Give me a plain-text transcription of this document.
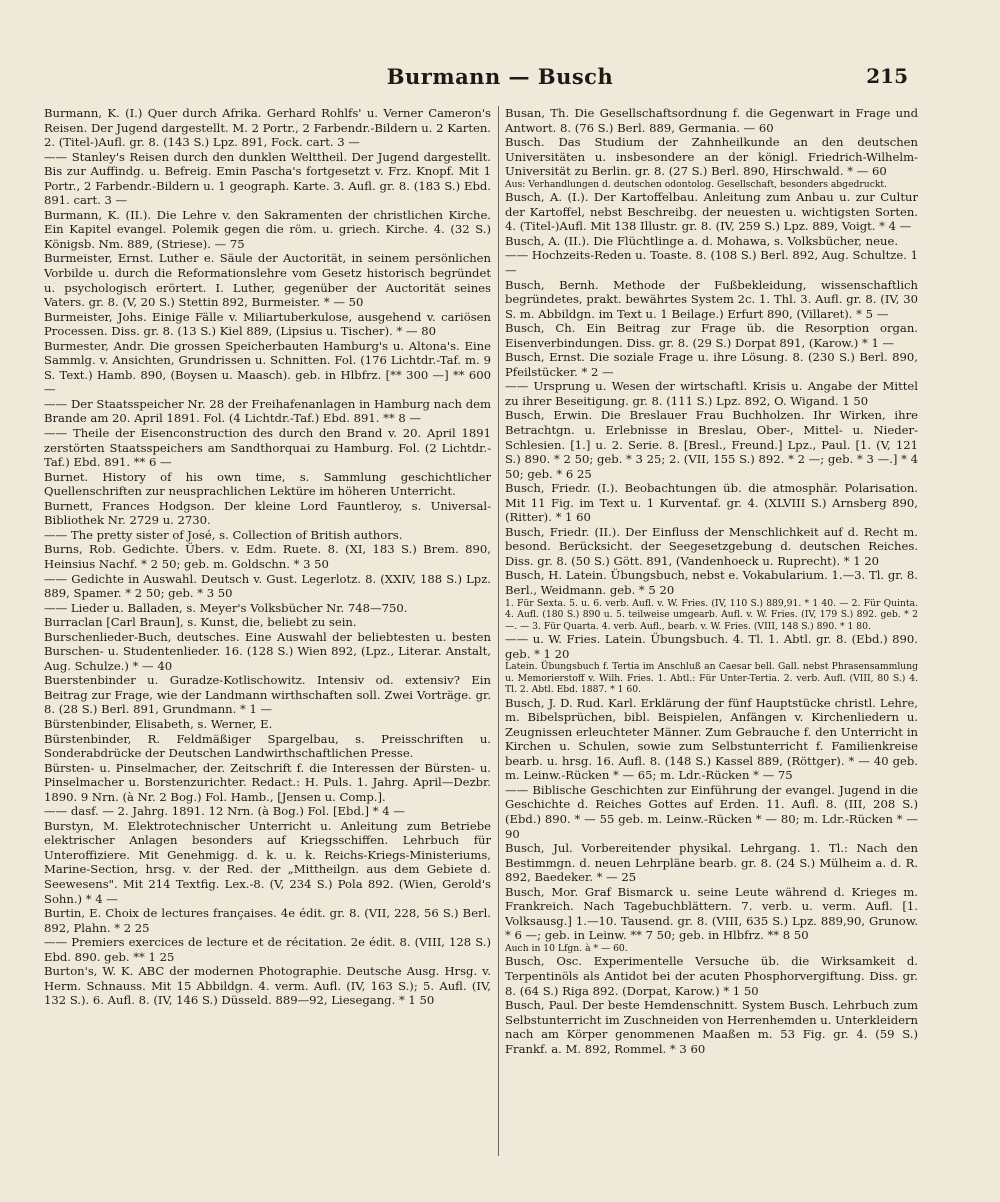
Burmann — Busch	215
Burmann, K. (I.) Quer durch Afrika. Gerhard Rohlfs' u. Verner Cameron's Reisen. Der Jugend dargestellt. M. 2 Portr., 2 Farbendr.-Bildern u. 2 Karten. 2. (Titel-)Aufl. gr. 8. (143 S.) Lpz. 891, Fock. cart. 3 —
—— Stanley's Reisen durch den dunklen Welttheil. Der Jugend dargestellt. Bis zur Auffindg. u. Befreig. Emin Pascha's fortgesetzt v. Frz. Knopf. Mit 1 Portr., 2 Farbendr.-Bildern u. 1 geograph. Karte. 3. Aufl. gr. 8. (183 S.) Ebd. 891. cart. 3 —
Burmann, K. (II.). Die Lehre v. den Sakramenten der christlichen Kirche. Ein Kapitel evangel. Polemik gegen die röm. u. griech. Kirche. 4. (32 S.) Königsb. Nm. 889, (Striese). — 75
Burmeister, Ernst. Luther e. Säule der Auctorität, in seinem persönlichen Vorbilde u. durch die Reformationslehre vom Gesetz historisch begründet u. psychologisch erörtert. I. Luther, gegenüber der Auctorität seines Vaters. gr. 8. (V, 20 S.) Stettin 892, Burmeister. * — 50
Burmeister, Johs. Einige Fälle v. Miliartuberkulose, ausgehend v. cariösen Processen. Diss. gr. 8. (13 S.) Kiel 889, (Lipsius u. Tischer). * — 80
Burmester, Andr. Die grossen Speicherbauten Hamburg's u. Altona's. Eine Sammlg. v. Ansichten, Grundrissen u. Schnitten. Fol. (176 Lichtdr.-Taf. m. 9 S. Text.) Hamb. 890, (Boysen u. Maasch). geb. in Hlbfrz. [** 300 —] ** 600 —
—— Der Staatsspeicher Nr. 28 der Freihafenanlagen in Hamburg nach dem Brande am 20. April 1891. Fol. (4 Lichtdr.-Taf.) Ebd. 891. ** 8 —
—— Theile der Eisenconstruction des durch den Brand v. 20. April 1891 zerstörten Staatsspeichers am Sandthorquai zu Hamburg. Fol. (2 Lichtdr.-Taf.) Ebd. 891. ** 6 —
Burnet. History of his own time, s. Sammlung geschichtlicher Quellenschriften zur neusprachlichen Lektüre im höheren Unterricht.
Burnett, Frances Hodgson. Der kleine Lord Fauntleroy, s. Universal-Bibliothek Nr. 2729 u. 2730.
—— The pretty sister of José, s. Collection of British authors.
Burns, Rob. Gedichte. Übers. v. Edm. Ruete. 8. (XI, 183 S.) Brem. 890, Heinsius Nachf. * 2 50; geb. m. Goldschn. * 3 50
—— Gedichte in Auswahl. Deutsch v. Gust. Legerlotz. 8. (XXIV, 188 S.) Lpz. 889, Spamer. * 2 50; geb. * 3 50
—— Lieder u. Balladen, s. Meyer's Volksbücher Nr. 748—750.
Burraclan [Carl Braun], s. Kunst, die, beliebt zu sein.
Burschenlieder-Buch, deutsches. Eine Auswahl der beliebtesten u. besten Burschen- u. Studentenlieder. 16. (128 S.) Wien 892, (Lpz., Literar. Anstalt, Aug. Schulze.) * — 40
Buerstenbinder u. Guradze-Kotlischowitz. Intensiv od. extensiv? Ein Beitrag zur Frage, wie der Landmann wirthschaften soll. Zwei Vorträge. gr. 8. (28 S.) Berl. 891, Grundmann. * 1 —
Bürstenbinder, Elisabeth, s. Werner, E.
Bürstenbinder, R. Feldmäßiger Spargelbau, s. Preisschriften u. Sonderabdrücke der Deutschen Landwirthschaftlichen Presse.
Bürsten- u. Pinselmacher, der. Zeitschrift f. die Interessen der Bürsten- u. Pinselmacher u. Borstenzurichter. Redact.: H. Puls. 1. Jahrg. April—Dezbr. 1890. 9 Nrn. (à Nr. 2 Bog.) Fol. Hamb., [Jensen u. Comp.].
—— dasf. — 2. Jahrg. 1891. 12 Nrn. (à Bog.) Fol. [Ebd.] * 4 —
Burstyn, M. Elektrotechnischer Unterricht u. Anleitung zum Betriebe elektrischer Anlagen besonders auf Kriegsschiffen. Lehrbuch für Unteroffiziere. Mit Genehmigg. d. k. u. k. Reichs-Kriegs-Ministeriums, Marine-Section, hrsg. v. der Red. der „Mittheilgn. aus dem Gebiete d. Seewesens". Mit 214 Textfig. Lex.-8. (V, 234 S.) Pola 892. (Wien, Gerold's Sohn.) * 4 —
Burtin, E. Choix de lectures françaises. 4e édit. gr. 8. (VII, 228, 56 S.) Berl. 892, Plahn. * 2 25
—— Premiers exercices de lecture et de récitation. 2e édit. 8. (VIII, 128 S.) Ebd. 890. geb. ** 1 25
Burton's, W. K. ABC der modernen Photographie. Deutsche Ausg. Hrsg. v. Herm. Schnauss. Mit 15 Abbildgn. 4. verm. Aufl. (IV, 163 S.); 5. Aufl. (IV, 132 S.). 6. Aufl. 8. (IV, 146 S.) Düsseld. 889—92, Liesegang. * 1 50
Busan, Th. Die Gesellschaftsordnung f. die Gegenwart in Frage und Antwort. 8. (76 S.) Berl. 889, Germania. — 60
Busch. Das Studium der Zahnheilkunde an den deutschen Universitäten u. insbesondere an der königl. Friedrich-Wilhelm-Universität zu Berlin. gr. 8. (27 S.) Berl. 890, Hirschwald. * — 60
Aus: Verhandlungen d. deutschen odontolog. Gesellschaft, besonders abgedruckt.
Busch, A. (I.). Der Kartoffelbau. Anleitung zum Anbau u. zur Cultur der Kartoffel, nebst Beschreibg. der neuesten u. wichtigsten Sorten. 4. (Titel-)Aufl. Mit 138 Illustr. gr. 8. (IV, 259 S.) Lpz. 889, Voigt. * 4 —
Busch, A. (II.). Die Flüchtlinge a. d. Mohawa, s. Volksbücher, neue.
—— Hochzeits-Reden u. Toaste. 8. (108 S.) Berl. 892, Aug. Schultze. 1 —
Busch, Bernh. Methode der Fußbekleidung, wissenschaftlich begründetes, prakt. bewährtes System 2c. 1. Thl. 3. Aufl. gr. 8. (IV, 30 S. m. Abbildgn. im Text u. 1 Beilage.) Erfurt 890, (Villaret). * 5 —
Busch, Ch. Ein Beitrag zur Frage üb. die Resorption organ. Eisenverbindungen. Diss. gr. 8. (29 S.) Dorpat 891, (Karow.) * 1 —
Busch, Ernst. Die soziale Frage u. ihre Lösung. 8. (230 S.) Berl. 890, Pfeilstücker. * 2 —
—— Ursprung u. Wesen der wirtschaftl. Krisis u. Angabe der Mittel zu ihrer Beseitigung. gr. 8. (111 S.) Lpz. 892, O. Wigand. 1 50
Busch, Erwin. Die Breslauer Frau Buchholzen. Ihr Wirken, ihre Betrachtgn. u. Erlebnisse in Breslau, Ober-, Mittel- u. Nieder-Schlesien. [1.] u. 2. Serie. 8. [Bresl., Freund.] Lpz., Paul. [1. (V, 121 S.) 890. * 2 50; geb. * 3 25; 2. (VII, 155 S.) 892. * 2 —; geb. * 3 —.] * 4 50; geb. * 6 25
Busch, Friedr. (I.). Beobachtungen üb. die atmosphär. Polarisation. Mit 11 Fig. im Text u. 1 Kurventaf. gr. 4. (XLVIII S.) Arnsberg 890, (Ritter). * 1 60
Busch, Friedr. (II.). Der Einfluss der Menschlichkeit auf d. Recht m. besond. Berücksicht. der Seegesetzgebung d. deutschen Reiches. Diss. gr. 8. (50 S.) Gött. 891, (Vandenhoeck u. Ruprecht). * 1 20
Busch, H. Latein. Übungsbuch, nebst e. Vokabularium. 1.—3. Tl. gr. 8. Berl., Weidmann. geb. * 5 20
1. Für Sexta. 5. u. 6. verb. Aufl. v. W. Fries. (IV, 110 S.) 889,91. * 1 40. — 2. Für Quinta. 4. Aufl. (180 S.) 890 u. 5. teilweise umgearb. Aufl. v. W. Fries. (IV, 179 S.) 892. geb. * 2 —. — 3. Für Quarta. 4. verb. Aufl., bearb. v. W. Fries. (VIII, 148 S.) 890. * 1 80.
—— u. W. Fries. Latein. Übungsbuch. 4. Tl. 1. Abtl. gr. 8. (Ebd.) 890. geb. * 1 20
Latein. Übungsbuch f. Tertia im Anschluß an Caesar bell. Gall. nebst Phrasensammlung u. Memorierstoff v. Wilh. Fries. 1. Abtl.: Für Unter-Tertia. 2. verb. Aufl. (VIII, 80 S.) 4. Tl. 2. Abtl. Ebd. 1887. * 1 60.
Busch, J. D. Rud. Karl. Erklärung der fünf Hauptstücke christl. Lehre, m. Bibelsprüchen, bibl. Beispielen, Anfängen v. Kirchenliedern u. Zeugnissen erleuchteter Männer. Zum Gebrauche f. den Unterricht in Kirchen u. Schulen, sowie zum Selbstunterricht f. Familienkreise bearb. u. hrsg. 16. Aufl. 8. (148 S.) Kassel 889, (Röttger). * — 40 geb. m. Leinw.-Rücken * — 65; m. Ldr.-Rücken * — 75
—— Biblische Geschichten zur Einführung der evangel. Jugend in die Geschichte d. Reiches Gottes auf Erden. 11. Aufl. 8. (III, 208 S.) (Ebd.) 890. * — 55 geb. m. Leinw.-Rücken * — 80; m. Ldr.-Rücken * — 90
Busch, Jul. Vorbereitender physikal. Lehrgang. 1. Tl.: Nach den Bestimmgn. d. neuen Lehrpläne bearb. gr. 8. (24 S.) Mülheim a. d. R. 892, Baedeker. * — 25
Busch, Mor. Graf Bismarck u. seine Leute während d. Krieges m. Frankreich. Nach Tagebuchblättern. 7. verb. u. verm. Aufl. [1. Volksausg.] 1.—10. Tausend. gr. 8. (VIII, 635 S.) Lpz. 889,90, Grunow. * 6 —; geb. in Leinw. ** 7 50; geb. in Hlbfrz. ** 8 50
Auch in 10 Lfgn. à * — 60.
Busch, Osc. Experimentelle Versuche üb. die Wirksamkeit d. Terpentinöls als Antidot bei der acuten Phosphorvergiftung. Diss. gr. 8. (64 S.) Riga 892. (Dorpat, Karow.) * 1 50
Busch, Paul. Der beste Hemdenschnitt. System Busch. Lehrbuch zum Selbstunterricht im Zuschneiden von Herrenhemden u. Unterkleidern nach am Körper genommenen Maaßen m. 53 Fig. gr. 4. (59 S.) Frankf. a. M. 892, Rommel. * 3 60
